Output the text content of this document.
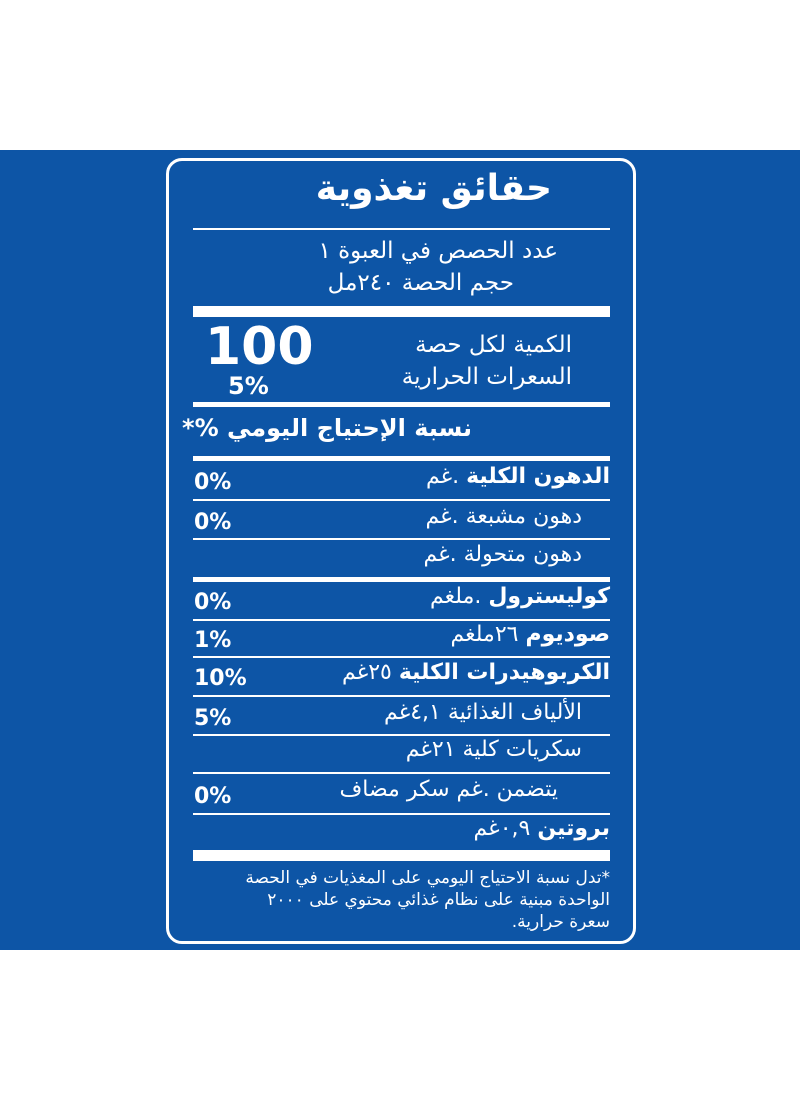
حقائق تغذوية
عدد الحصص في العبوة ١
حجم الحصة ٢٤٠مل
100
5%
الكمية لكل حصة
السعرات الحرارية
نسبة الإحتياج اليومي %*
الدهون الكلية .غم
0%
دهون مشبعة .غم
0%
دهون متحولة .غم
كوليسترول .ملغم
0%
صوديوم ٢٦ملغم
1%
الكربوهيدرات الكلية ٢٥غم
10%
الألياف الغذائية ٤,١غم
5%
سكريات كلية ٢١غم
يتضمن .غم سكر مضاف
0%
بروتين ٠,٩غم
*تدل نسبة الاحتياج اليومي على المغذيات في الحصة
الواحدة مبنية على نظام غذائي محتوي على ٢٠٠٠
سعرة حرارية.
